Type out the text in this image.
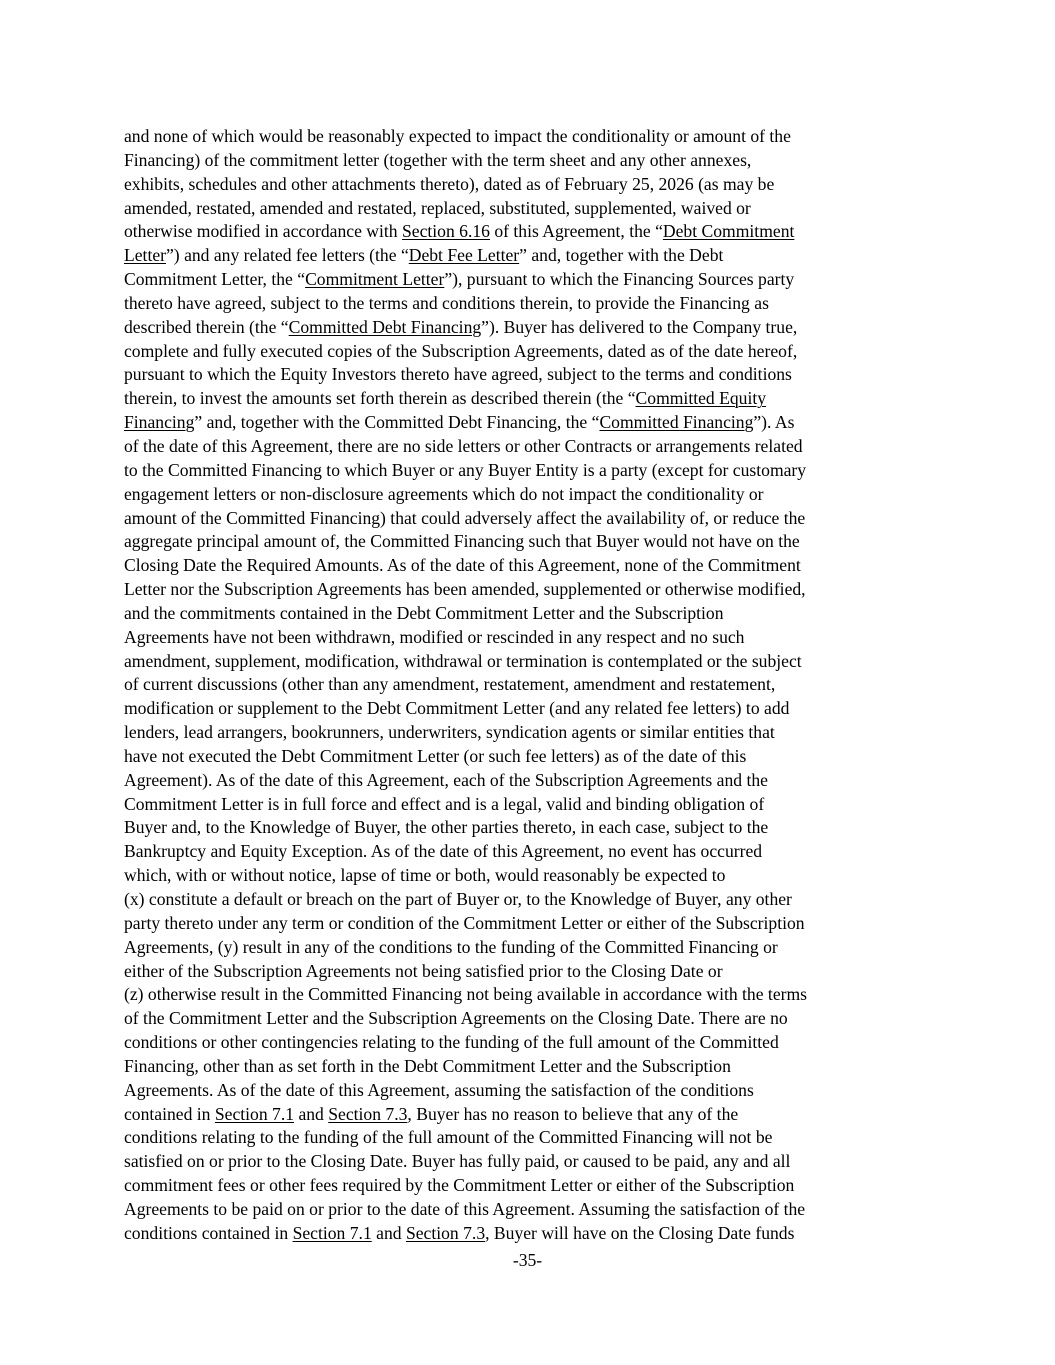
and none of which would be reasonably expected to impact the conditionality or amount of the
Financing) of the commitment letter (together with the term sheet and any other annexes,
exhibits, schedules and other attachments thereto), dated as of February 25, 2026 (as may be
amended, restated, amended and restated, replaced, substituted, supplemented, waived or
otherwise modified in accordance with Section 6.16 of this Agreement, the “Debt Commitment
Letter”) and any related fee letters (the “Debt Fee Letter” and, together with the Debt
Commitment Letter, the “Commitment Letter”), pursuant to which the Financing Sources party
thereto have agreed, subject to the terms and conditions therein, to provide the Financing as
described therein (the “Committed Debt Financing”). Buyer has delivered to the Company true,
complete and fully executed copies of the Subscription Agreements, dated as of the date hereof,
pursuant to which the Equity Investors thereto have agreed, subject to the terms and conditions
therein, to invest the amounts set forth therein as described therein (the “Committed Equity
Financing” and, together with the Committed Debt Financing, the “Committed Financing”). As
of the date of this Agreement, there are no side letters or other Contracts or arrangements related
to the Committed Financing to which Buyer or any Buyer Entity is a party (except for customary
engagement letters or non-disclosure agreements which do not impact the conditionality or
amount of the Committed Financing) that could adversely affect the availability of, or reduce the
aggregate principal amount of, the Committed Financing such that Buyer would not have on the
Closing Date the Required Amounts. As of the date of this Agreement, none of the Commitment
Letter nor the Subscription Agreements has been amended, supplemented or otherwise modified,
and the commitments contained in the Debt Commitment Letter and the Subscription
Agreements have not been withdrawn, modified or rescinded in any respect and no such
amendment, supplement, modification, withdrawal or termination is contemplated or the subject
of current discussions (other than any amendment, restatement, amendment and restatement,
modification or supplement to the Debt Commitment Letter (and any related fee letters) to add
lenders, lead arrangers, bookrunners, underwriters, syndication agents or similar entities that
have not executed the Debt Commitment Letter (or such fee letters) as of the date of this
Agreement). As of the date of this Agreement, each of the Subscription Agreements and the
Commitment Letter is in full force and effect and is a legal, valid and binding obligation of
Buyer and, to the Knowledge of Buyer, the other parties thereto, in each case, subject to the
Bankruptcy and Equity Exception. As of the date of this Agreement, no event has occurred
which, with or without notice, lapse of time or both, would reasonably be expected to
(x) constitute a default or breach on the part of Buyer or, to the Knowledge of Buyer, any other
party thereto under any term or condition of the Commitment Letter or either of the Subscription
Agreements, (y) result in any of the conditions to the funding of the Committed Financing or
either of the Subscription Agreements not being satisfied prior to the Closing Date or
(z) otherwise result in the Committed Financing not being available in accordance with the terms
of the Commitment Letter and the Subscription Agreements on the Closing Date. There are no
conditions or other contingencies relating to the funding of the full amount of the Committed
Financing, other than as set forth in the Debt Commitment Letter and the Subscription
Agreements. As of the date of this Agreement, assuming the satisfaction of the conditions
contained in Section 7.1 and Section 7.3, Buyer has no reason to believe that any of the
conditions relating to the funding of the full amount of the Committed Financing will not be
satisfied on or prior to the Closing Date. Buyer has fully paid, or caused to be paid, any and all
commitment fees or other fees required by the Commitment Letter or either of the Subscription
Agreements to be paid on or prior to the date of this Agreement. Assuming the satisfaction of the
conditions contained in Section 7.1 and Section 7.3, Buyer will have on the Closing Date funds
-35-
